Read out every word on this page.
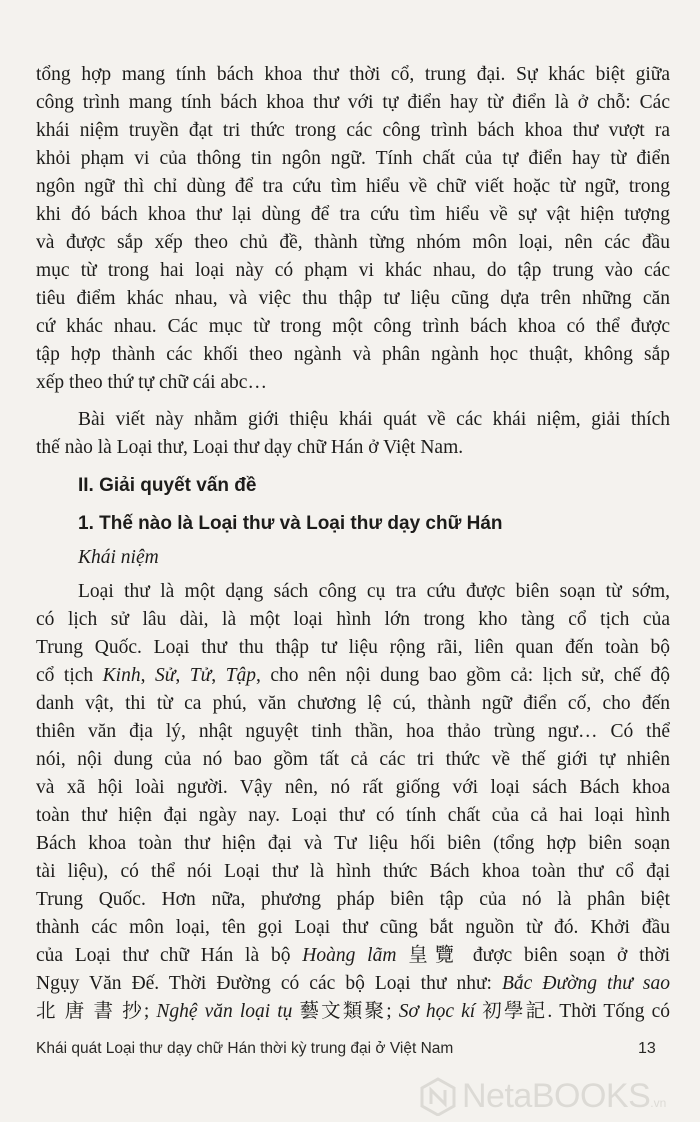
tổng hợp mang tính bách khoa thư thời cổ, trung đại. Sự khác biệt giữa
công trình mang tính bách khoa thư với tự điển hay từ điển là ở chỗ: Các
khái niệm truyền đạt tri thức trong các công trình bách khoa thư vượt ra
khỏi phạm vi của thông tin ngôn ngữ. Tính chất của tự điển hay từ điển
ngôn ngữ thì chỉ dùng để tra cứu tìm hiểu về chữ viết hoặc từ ngữ, trong
khi đó bách khoa thư lại dùng để tra cứu tìm hiểu về sự vật hiện tượng
và được sắp xếp theo chủ đề, thành từng nhóm môn loại, nên các đầu
mục từ trong hai loại này có phạm vi khác nhau, do tập trung vào các
tiêu điểm khác nhau, và việc thu thập tư liệu cũng dựa trên những căn
cứ khác nhau. Các mục từ trong một công trình bách khoa có thể được
tập hợp thành các khối theo ngành và phân ngành học thuật, không sắp
xếp theo thứ tự chữ cái abc…
Bài viết này nhằm giới thiệu khái quát về các khái niệm, giải thích
thế nào là Loại thư, Loại thư dạy chữ Hán ở Việt Nam.
II. Giải quyết vấn đề
1. Thế nào là Loại thư và Loại thư dạy chữ Hán
Khái niệm
Loại thư là một dạng sách công cụ tra cứu được biên soạn từ sớm,
có lịch sử lâu dài, là một loại hình lớn trong kho tàng cổ tịch của
Trung Quốc. Loại thư thu thập tư liệu rộng rãi, liên quan đến toàn bộ
cổ tịch Kinh, Sử, Tử, Tập, cho nên nội dung bao gồm cả: lịch sử, chế độ
danh vật, thi từ ca phú, văn chương lệ cú, thành ngữ điển cố, cho đến
thiên văn địa lý, nhật nguyệt tinh thần, hoa thảo trùng ngư… Có thể
nói, nội dung của nó bao gồm tất cả các tri thức về thế giới tự nhiên
và xã hội loài người. Vậy nên, nó rất giống với loại sách Bách khoa
toàn thư hiện đại ngày nay. Loại thư có tính chất của cả hai loại hình
Bách khoa toàn thư hiện đại và Tư liệu hối biên (tổng hợp biên soạn
tài liệu), có thể nói Loại thư là hình thức Bách khoa toàn thư cổ đại
Trung Quốc. Hơn nữa, phương pháp biên tập của nó là phân biệt
thành các môn loại, tên gọi Loại thư cũng bắt nguồn từ đó. Khởi đầu
của Loại thư chữ Hán là bộ Hoàng lãm 皇覽 được biên soạn ở thời
Ngụy Văn Đế. Thời Đường có các bộ Loại thư như: Bắc Đường thư sao
北 唐 書 抄; Nghệ văn loại tụ 藝文類聚; Sơ học kí 初學記. Thời Tống có
Khái quát Loại thư dạy chữ Hán thời kỳ trung đại ở Việt Nam	13
NetaBOOKS .vn
